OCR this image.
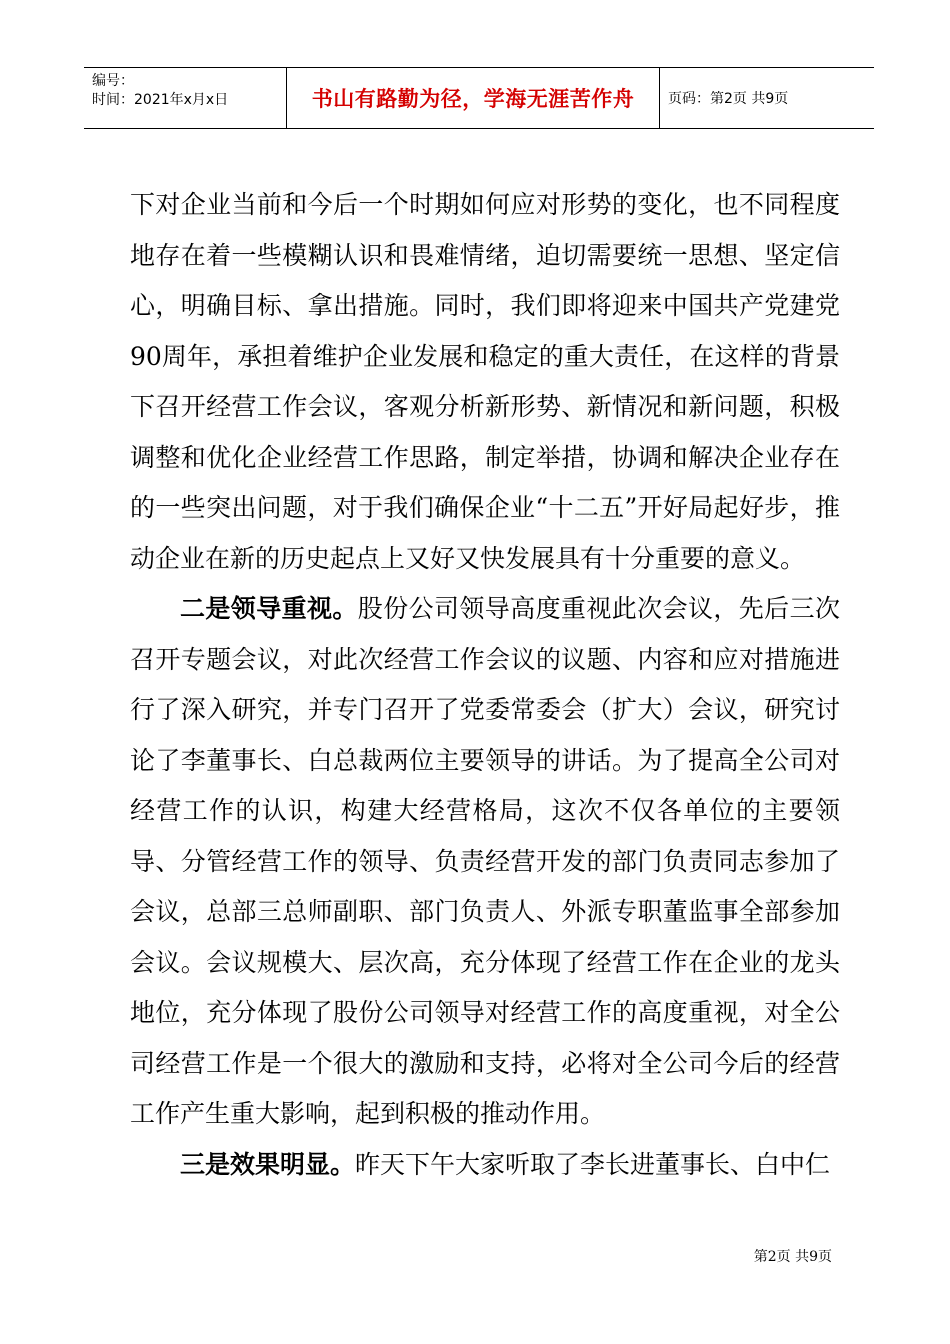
编号：
时间：2021年x月x日	书山有路勤为径，学海无涯苦作舟	页码：第2页 共9页

下对企业当前和今后一个时期如何应对形势的变化，也不同程度地存在着一些模糊认识和畏难情绪，迫切需要统一思想、坚定信心，明确目标、拿出措施。同时，我们即将迎来中国共产党建党90周年，承担着维护企业发展和稳定的重大责任，在这样的背景下召开经营工作会议，客观分析新形势、新情况和新问题，积极调整和优化企业经营工作思路，制定举措，协调和解决企业存在的一些突出问题，对于我们确保企业“十二五”开好局起好步，推动企业在新的历史起点上又好又快发展具有十分重要的意义。

二是领导重视。股份公司领导高度重视此次会议，先后三次召开专题会议，对此次经营工作会议的议题、内容和应对措施进行了深入研究，并专门召开了党委常委会（扩大）会议，研究讨论了李董事长、白总裁两位主要领导的讲话。为了提高全公司对经营工作的认识，构建大经营格局，这次不仅各单位的主要领导、分管经营工作的领导、负责经营开发的部门负责同志参加了会议，总部三总师副职、部门负责人、外派专职董监事全部参加会议。会议规模大、层次高，充分体现了经营工作在企业的龙头地位，充分体现了股份公司领导对经营工作的高度重视，对全公司经营工作是一个很大的激励和支持，必将对全公司今后的经营工作产生重大影响，起到积极的推动作用。

三是效果明显。昨天下午大家听取了李长进董事长、白中仁

第2页 共9页
